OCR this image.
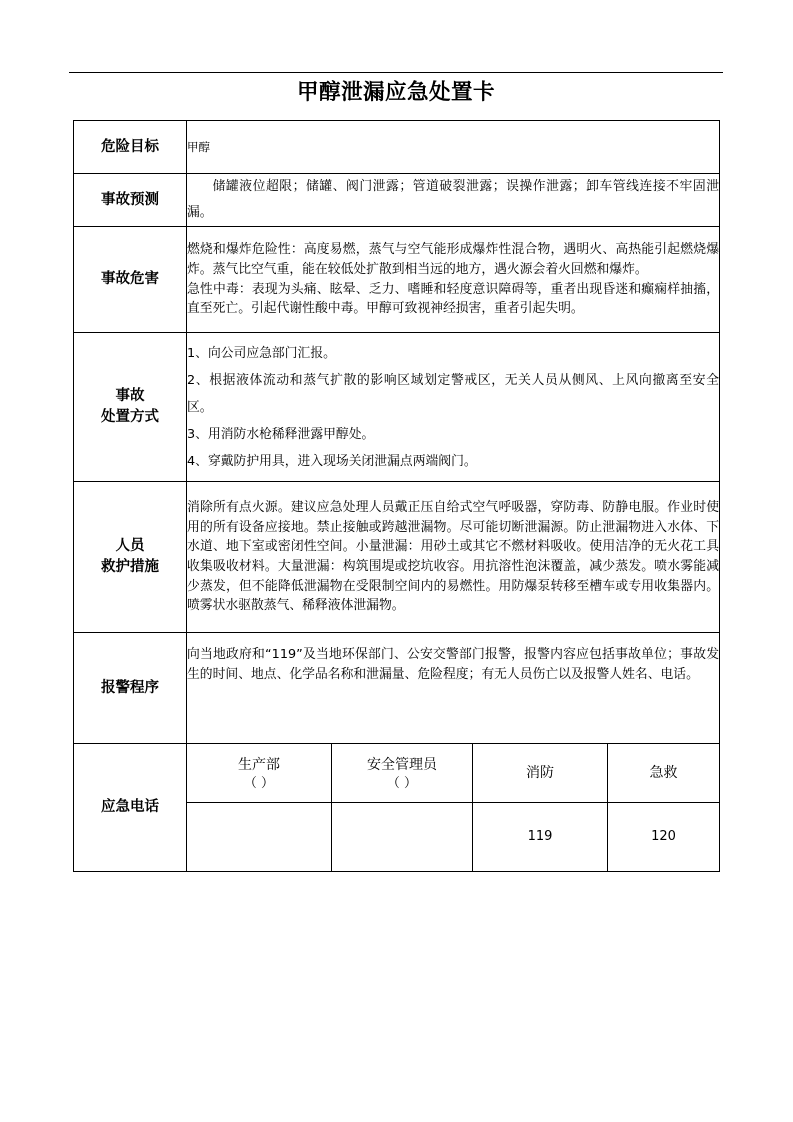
甲醇泄漏应急处置卡
危险目标	甲醇
事故预测	

储罐液位超限；储罐、阀门泄露；管道破裂泄露；误操作泄露；卸车管线连接不牢固泄漏。

事故危害	

燃烧和爆炸危险性：高度易燃，蒸气与空气能形成爆炸性混合物，遇明火、高热能引起燃烧爆炸。蒸气比空气重，能在较低处扩散到相当远的地方，遇火源会着火回燃和爆炸。

急性中毒：表现为头痛、眩晕、乏力、嗜睡和轻度意识障碍等，重者出现昏迷和癫痫样抽搐，直至死亡。引起代谢性酸中毒。甲醇可致视神经损害，重者引起失明。

事故
处置方式

1、向公司应急部门汇报。

2、根据液体流动和蒸气扩散的影响区域划定警戒区，无关人员从侧风、上风向撤离至安全区。

3、用消防水枪稀释泄露甲醇处。

4、穿戴防护用具，进入现场关闭泄漏点两端阀门。

人员
救护措施

消除所有点火源。建议应急处理人员戴正压自给式空气呼吸器，穿防毒、防静电服。作业时使用的所有设备应接地。禁止接触或跨越泄漏物。尽可能切断泄漏源。防止泄漏物进入水体、下水道、地下室或密闭性空间。小量泄漏：用砂土或其它不燃材料吸收。使用洁净的无火花工具收集吸收材料。大量泄漏：构筑围堤或挖坑收容。用抗溶性泡沫覆盖，减少蒸发。喷水雾能减少蒸发，但不能降低泄漏物在受限制空间内的易燃性。用防爆泵转移至槽车或专用收集器内。喷雾状水驱散蒸气、稀释液体泄漏物。

报警程序	

向当地政府和“119”及当地环保部门、公安交警部门报警，报警内容应包括事故单位；事故发生的时间、地点、化学品名称和泄漏量、危险程度；有无人员伤亡以及报警人姓名、电话。

应急电话	
生产部
（ ）
	安全管理员
（ ）
	消防	急救
		119	120
